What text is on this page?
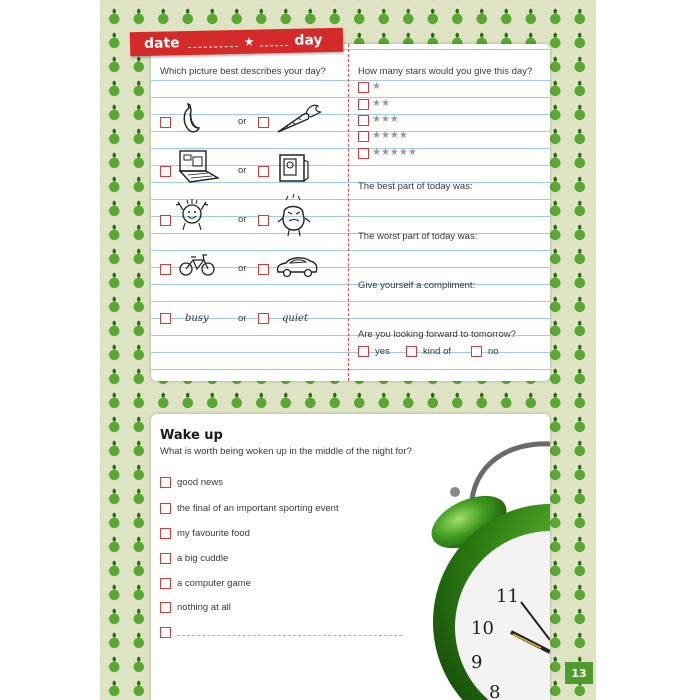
date	★	day
Which picture best describes your day?
or
or
or
or
busy	or	quiet
How many stars would you give this day?
★
★★
★★★
★★★★
★★★★★
The best part of today was:
The worst part of today was:
Give yourself a compliment:
Are you looking forward to tomorrow?
yes	kind of	no
11
10
9
8
Wake up
What is worth being woken up in the middle of the night for?
good news
the final of an important sporting event
my favourite food
a big cuddle
a computer game
nothing at all
13
